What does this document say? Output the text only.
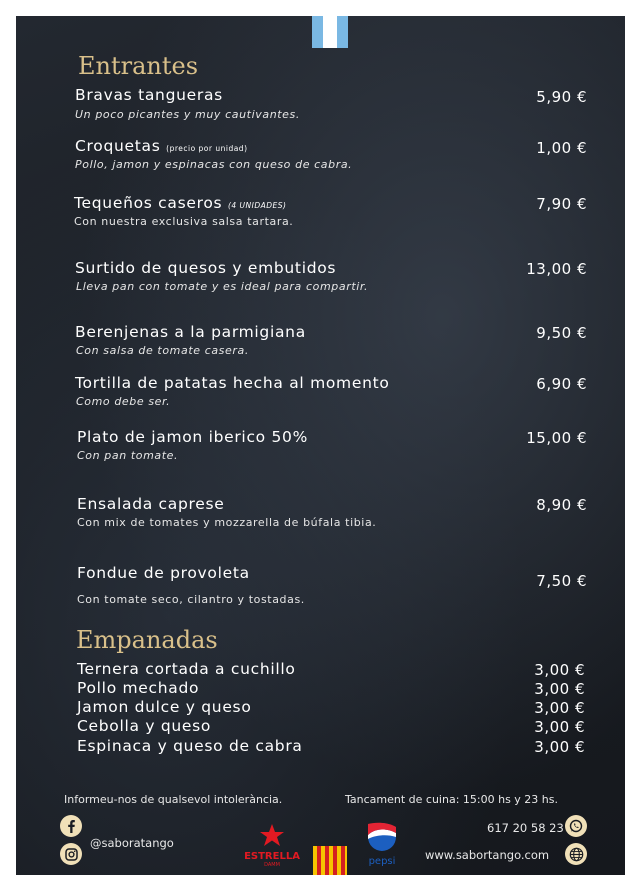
Entrantes
Bravas tangueras
Un poco picantes y muy cautivantes.
5,90 €
Croquetas (precio por unidad)
Pollo, jamon y espinacas con queso de cabra.
1,00 €
Tequeños caseros (4 UNIDADES)
Con nuestra exclusiva salsa tartara.
7,90 €
Surtido de quesos y embutidos
Lleva pan con tomate y es ideal para compartir.
13,00 €
Berenjenas a la parmigiana
Con salsa de tomate casera.
9,50 €
Tortilla de patatas hecha al momento
Como debe ser.
6,90 €
Plato de jamon iberico 50%
Con pan tomate.
15,00 €
Ensalada caprese
Con mix de tomates y mozzarella de búfala tibia.
8,90 €
Fondue de provoleta
Con tomate seco, cilantro y tostadas.
7,50 €
Empanadas
Ternera cortada a cuchillo	3,00 €
Pollo mechado	3,00 €
Jamon dulce y queso	3,00 €
Cebolla y queso	3,00 €
Espinaca y queso de cabra	3,00 €
Informeu-nos de qualsevol intolerància.	Tancament de cuina: 15:00 hs y 23 hs.
@saboratango
ESTRELLA
DAMM	pepsi
617 20 58 23
www.sabortango.com
